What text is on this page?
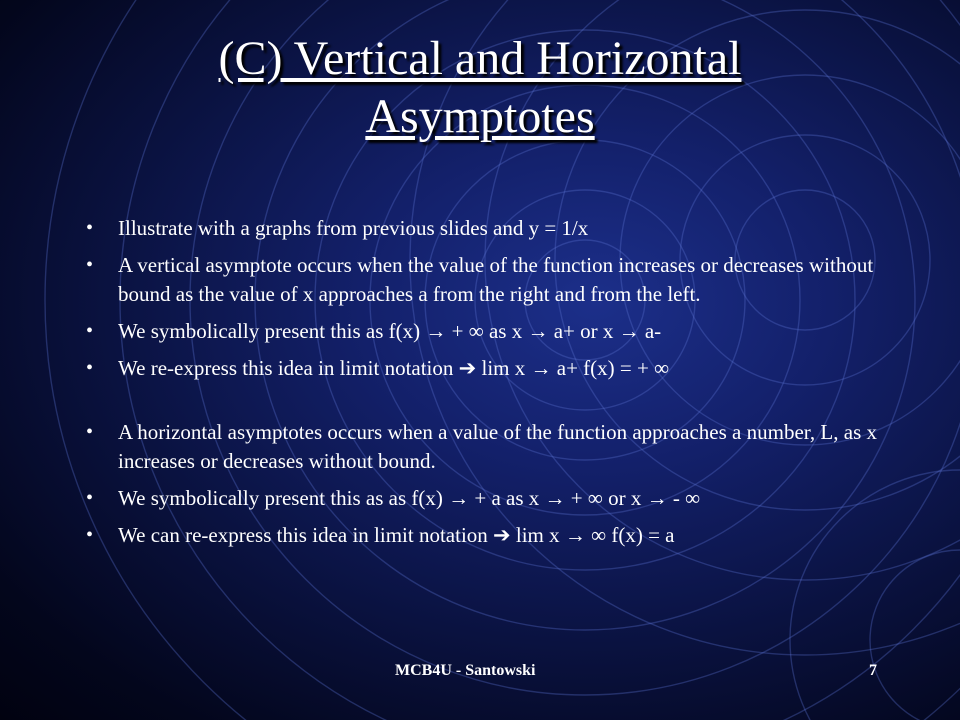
(C) Vertical and Horizontal
Asymptotes
• Illustrate with a graphs from previous slides and y = 1/x
• A vertical asymptote occurs when the value of the function increases or decreases without bound as the value of x approaches a from the right and from the left.
• We symbolically present this as f(x) → + ∞ as x → a+ or x → a-
• We re-express this idea in limit notation ➔ lim x → a+ f(x) = + ∞
• A horizontal asymptotes occurs when a value of the function approaches a number, L, as x increases or decreases without bound.
• We symbolically present this as as f(x) → + a as x → + ∞ or x → - ∞
• We can re-express this idea in limit notation ➔ lim x → ∞ f(x) = a
MCB4U - Santowski	7
